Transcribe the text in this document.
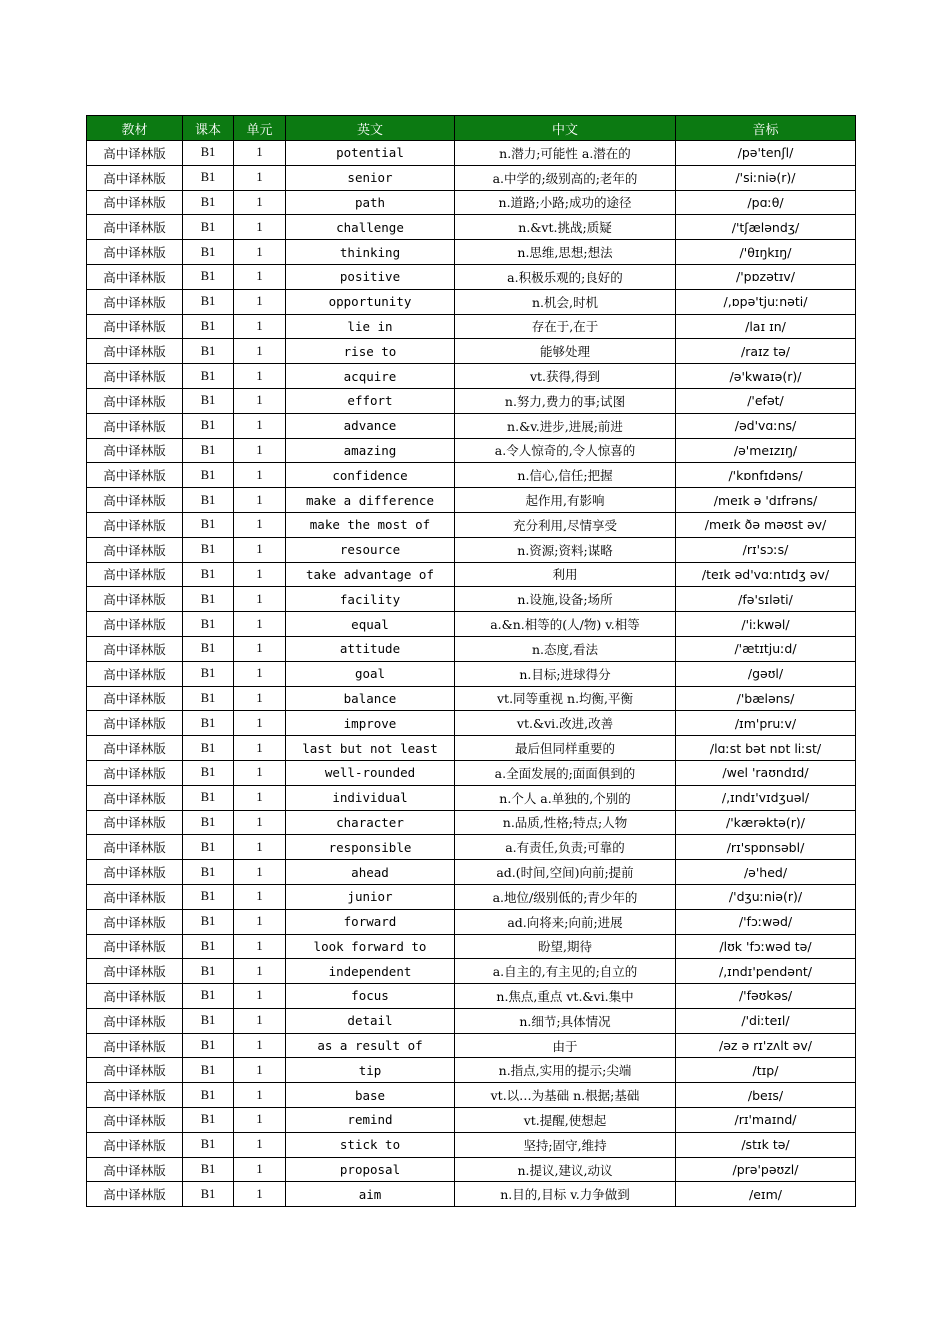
教材	课本	单元	英文	中文	音标
高中译林版	B1	1	potential	n.潜力;可能性 a.潜在的	/pə'tenʃl/
高中译林版	B1	1	senior	a.中学的;级别高的;老年的	/'siːniə(r)/
高中译林版	B1	1	path	n.道路;小路;成功的途径	/pɑːθ/
高中译林版	B1	1	challenge	n.&vt.挑战;质疑	/'tʃæləndʒ/
高中译林版	B1	1	thinking	n.思维,思想;想法	/'θɪŋkɪŋ/
高中译林版	B1	1	positive	a.积极乐观的;良好的	/'pɒzətɪv/
高中译林版	B1	1	opportunity	n.机会,时机	/,ɒpə'tjuːnəti/
高中译林版	B1	1	lie in	存在于,在于	/laɪ ɪn/
高中译林版	B1	1	rise to	能够处理	/raɪz tə/
高中译林版	B1	1	acquire	vt.获得,得到	/ə'kwaɪə(r)/
高中译林版	B1	1	effort	n.努力,费力的事;试图	/'efət/
高中译林版	B1	1	advance	n.&v.进步,进展;前进	/əd'vɑːns/
高中译林版	B1	1	amazing	a.令人惊奇的,令人惊喜的	/ə'meɪzɪŋ/
高中译林版	B1	1	confidence	n.信心,信任;把握	/'kɒnfɪdəns/
高中译林版	B1	1	make a difference	起作用,有影响	/meɪk ə 'dɪfrəns/
高中译林版	B1	1	make the most of	充分利用,尽情享受	/meɪk ðə məʊst əv/
高中译林版	B1	1	resource	n.资源;资料;谋略	/rɪ'sɔːs/
高中译林版	B1	1	take advantage of	利用	/teɪk əd'vɑːntɪdʒ əv/
高中译林版	B1	1	facility	n.设施,设备;场所	/fə'sɪləti/
高中译林版	B1	1	equal	a.&n.相等的(人/物) v.相等	/'iːkwəl/
高中译林版	B1	1	attitude	n.态度,看法	/'ætɪtjuːd/
高中译林版	B1	1	goal	n.目标;进球得分	/gəʊl/
高中译林版	B1	1	balance	vt.同等重视 n.均衡,平衡	/'bæləns/
高中译林版	B1	1	improve	vt.&vi.改进,改善	/ɪm'pruːv/
高中译林版	B1	1	last but not least	最后但同样重要的	/lɑːst bət nɒt liːst/
高中译林版	B1	1	well-rounded	a.全面发展的;面面俱到的	/wel 'raʊndɪd/
高中译林版	B1	1	individual	n.个人 a.单独的,个别的	/,ɪndɪ'vɪdʒuəl/
高中译林版	B1	1	character	n.品质,性格;特点;人物	/'kærəktə(r)/
高中译林版	B1	1	responsible	a.有责任,负责;可靠的	/rɪ'spɒnsəbl/
高中译林版	B1	1	ahead	ad.(时间,空间)向前;提前	/ə'hed/
高中译林版	B1	1	junior	a.地位/级别低的;青少年的	/'dʒuːniə(r)/
高中译林版	B1	1	forward	ad.向将来;向前;进展	/'fɔːwəd/
高中译林版	B1	1	look forward to	盼望,期待	/lʊk 'fɔːwəd tə/
高中译林版	B1	1	independent	a.自主的,有主见的;自立的	/,ɪndɪ'pendənt/
高中译林版	B1	1	focus	n.焦点,重点 vt.&vi.集中	/'fəʊkəs/
高中译林版	B1	1	detail	n.细节;具体情况	/'diːteɪl/
高中译林版	B1	1	as a result of	由于	/əz ə rɪ'zʌlt əv/
高中译林版	B1	1	tip	n.指点,实用的提示;尖端	/tɪp/
高中译林版	B1	1	base	vt.以…为基础 n.根据;基础	/beɪs/
高中译林版	B1	1	remind	vt.提醒,使想起	/rɪ'maɪnd/
高中译林版	B1	1	stick to	坚持;固守,维持	/stɪk tə/
高中译林版	B1	1	proposal	n.提议,建议,动议	/prə'pəʊzl/
高中译林版	B1	1	aim	n.目的,目标 v.力争做到	/eɪm/
